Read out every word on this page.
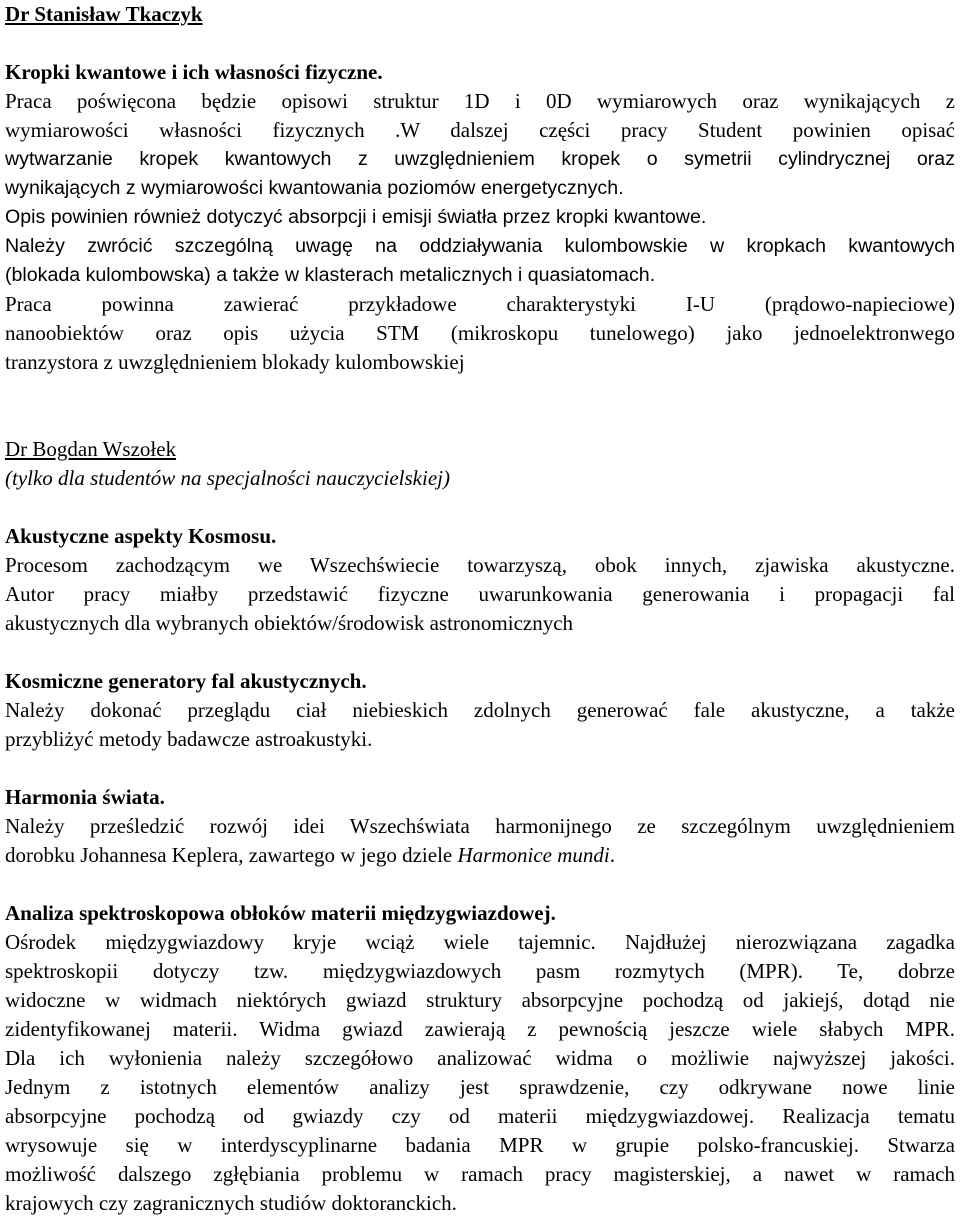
Dr Stanisław Tkaczyk
Kropki kwantowe i ich własności fizyczne.
Praca poświęcona będzie opisowi struktur 1D i 0D wymiarowych oraz wynikających z
wymiarowości własności fizycznych .W dalszej części pracy Student powinien opisać
wytwarzanie kropek kwantowych z uwzględnieniem kropek o symetrii cylindrycznej oraz
wynikających z wymiarowości kwantowania poziomów energetycznych.
Opis powinien również dotyczyć absorpcji i emisji światła przez kropki kwantowe.
Należy zwrócić szczególną uwagę na oddziaływania kulombowskie w kropkach kwantowych
(blokada kulombowska) a także w klasterach metalicznych i quasiatomach.
Praca powinna zawierać przykładowe charakterystyki I-U (prądowo-napieciowe)
nanoobiektów oraz opis użycia STM (mikroskopu tunelowego) jako jednoelektronwego
tranzystora z uwzględnieniem blokady kulombowskiej
Dr Bogdan Wszołek
(tylko dla studentów na specjalności nauczycielskiej)
Akustyczne aspekty Kosmosu.
Procesom zachodzącym we Wszechświecie towarzyszą, obok innych, zjawiska akustyczne.
Autor pracy miałby przedstawić fizyczne uwarunkowania generowania i propagacji fal
akustycznych dla wybranych obiektów/środowisk astronomicznych
Kosmiczne generatory fal akustycznych.
Należy dokonać przeglądu ciał niebieskich zdolnych generować fale akustyczne, a także
przybliżyć metody badawcze astroakustyki.
Harmonia świata.
Należy prześledzić rozwój idei Wszechświata harmonijnego ze szczególnym uwzględnieniem
dorobku Johannesa Keplera, zawartego w jego dziele Harmonice mundi.
Analiza spektroskopowa obłoków materii międzygwiazdowej.
Ośrodek międzygwiazdowy kryje wciąż wiele tajemnic. Najdłużej nierozwiązana zagadka
spektroskopii dotyczy tzw. międzygwiazdowych pasm rozmytych (MPR). Te, dobrze
widoczne w widmach niektórych gwiazd struktury absorpcyjne pochodzą od jakiejś, dotąd nie
zidentyfikowanej materii. Widma gwiazd zawierają z pewnością jeszcze wiele słabych MPR.
Dla ich wyłonienia należy szczegółowo analizować widma o możliwie najwyższej jakości.
Jednym z istotnych elementów analizy jest sprawdzenie, czy odkrywane nowe linie
absorpcyjne pochodzą od gwiazdy czy od materii międzygwiazdowej. Realizacja tematu
wrysowuje się w interdyscyplinarne badania MPR w grupie polsko-francuskiej. Stwarza
możliwość dalszego zgłębiania problemu w ramach pracy magisterskiej, a nawet w ramach
krajowych czy zagranicznych studiów doktoranckich.
